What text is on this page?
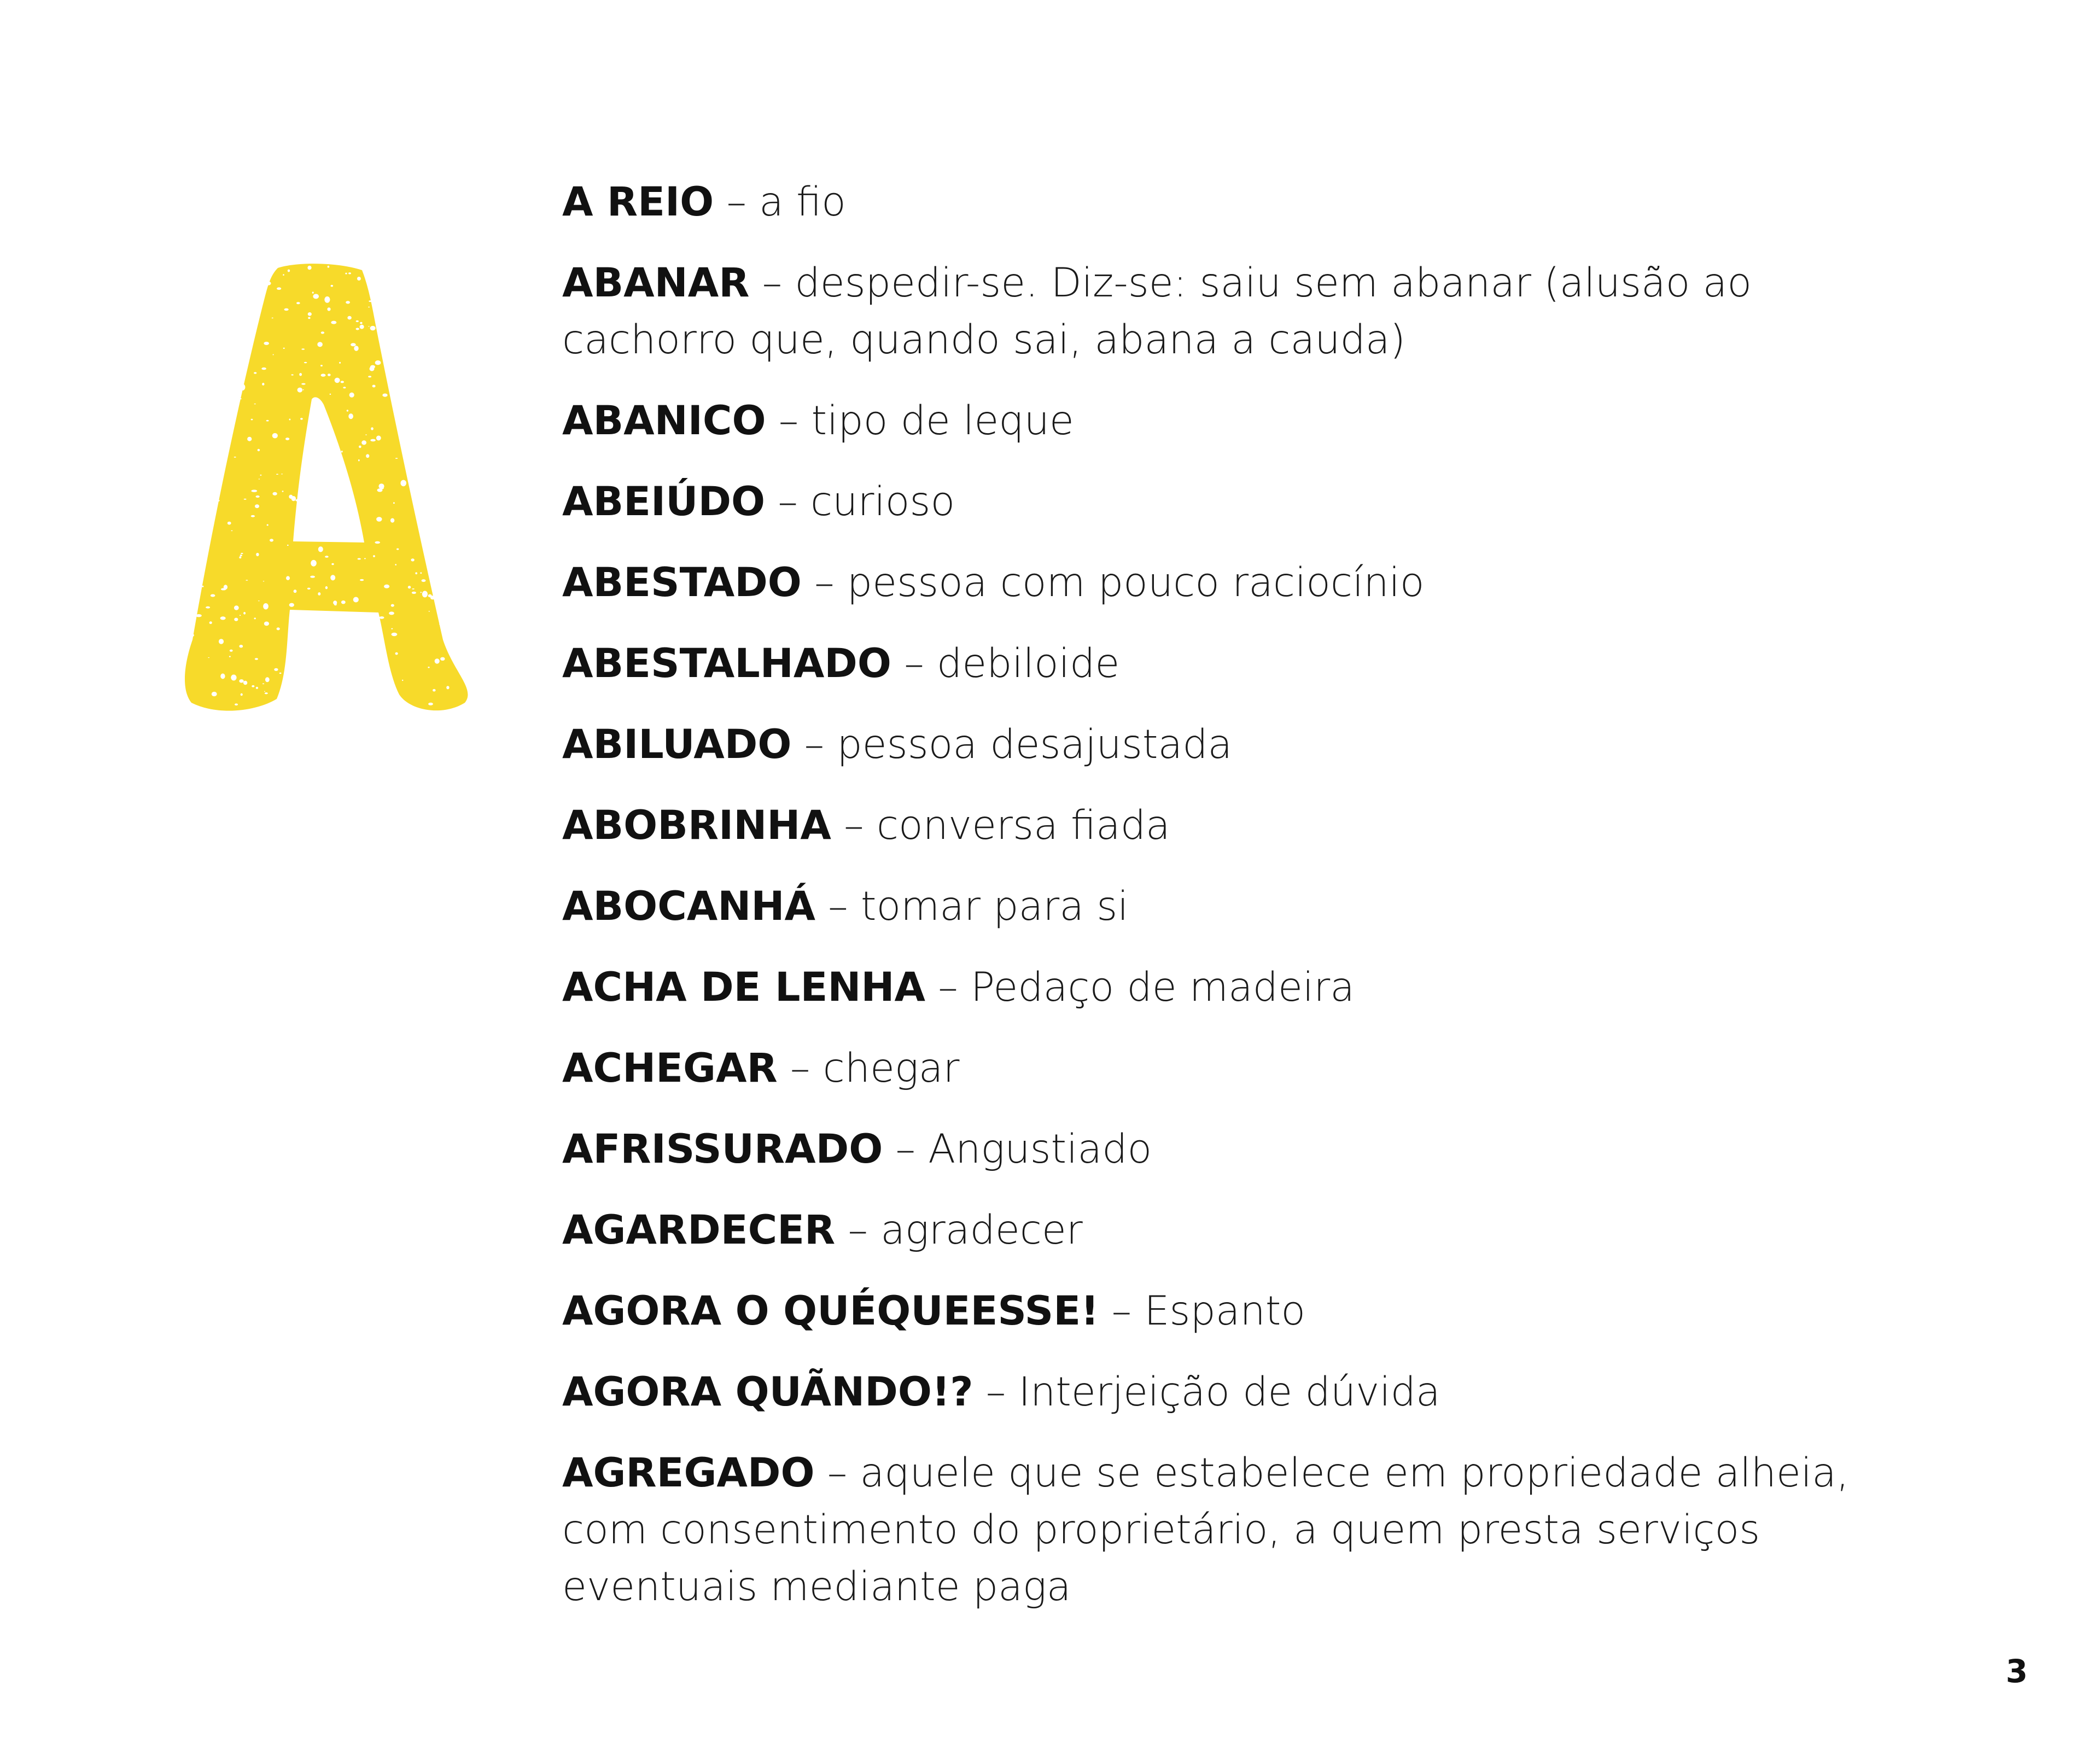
A REIO – a fio
ABANAR – despedir-se. Diz-se: saiu sem abanar (alusão ao cachorro que, quando sai, abana a cauda)
ABANICO – tipo de leque
ABEIÚDO – curioso
ABESTADO – pessoa com pouco raciocínio
ABESTALHADO – debiloide
ABILUADO – pessoa desajustada
ABOBRINHA – conversa fiada
ABOCANHÁ – tomar para si
ACHA DE LENHA – Pedaço de madeira
ACHEGAR – chegar
AFRISSURADO – Angustiado
AGARDECER – agradecer
AGORA O QUÉQUEESSE! – Espanto
AGORA QUÃNDO!? – Interjeição de dúvida
AGREGADO – aquele que se estabelece em propriedade alheia, com consentimento do proprietário, a quem presta serviços eventuais mediante paga
3
